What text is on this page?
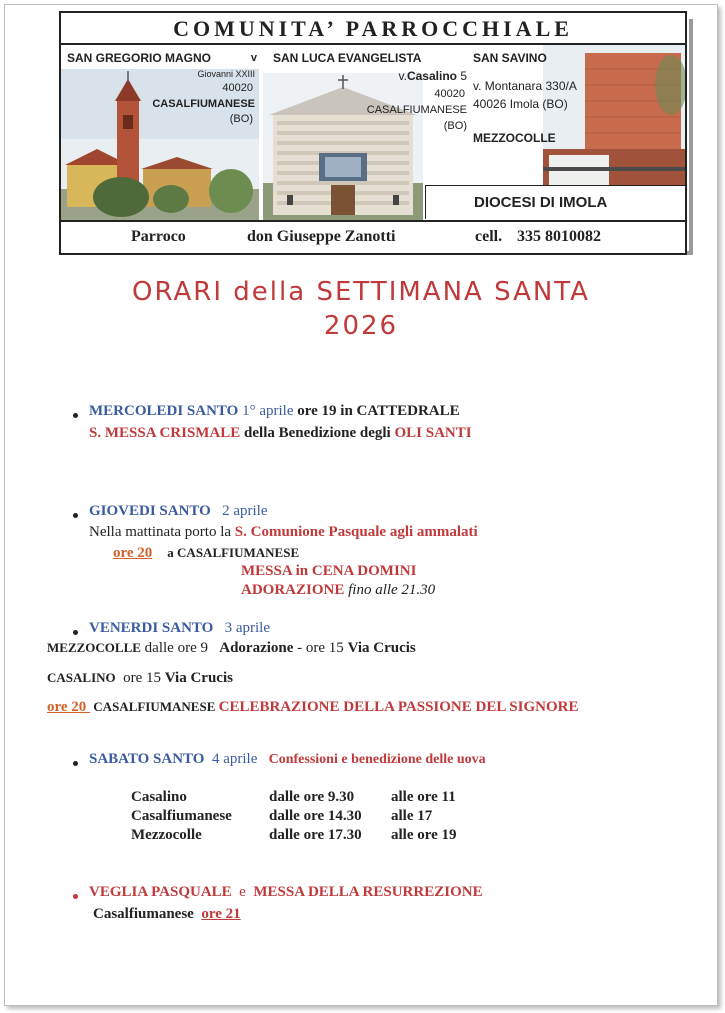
COMUNITA’ PARROCCHIALE
SAN GREGORIO MAGNO	v
Giovanni XXIII
40020
CASALFIUMANESE
(BO)
SAN LUCA EVANGELISTA
v.Casalino 5
40020
CASALFIUMANESE
(BO)
SAN SAVINO
v. Montanara 330/A
40026 Imola (BO)
MEZZOCOLLE
DIOCESI DI IMOLA
Parroco	don Giuseppe Zanotti	cell. 335 8010082
ORARI della SETTIMANA SANTA
2026
MERCOLEDI SANTO 1° aprile ore 19 in CATTEDRALE
S. MESSA CRISMALE della Benedizione degli OLI SANTI
GIOVEDI SANTO 2 aprile
Nella mattinata porto la S. Comunione Pasquale agli ammalati
ore 20 a CASALFIUMANESE
MESSA in CENA DOMINI
ADORAZIONE fino alle 21.30
VENERDI SANTO 3 aprile
MEZZOCOLLE dalle ore 9   Adorazione - ore 15 Via Crucis
CASALINO  ore 15 Via Crucis
ore 20  CASALFIUMANESE CELEBRAZIONE DELLA PASSIONE DEL SIGNORE
SABATO SANTO 4 aprile Confessioni e benedizione delle uova
Casalino	dalle ore 9.30 alle ore 11
Casalfiumanese dalle ore 14.30 alle 17
Mezzocolle	dalle ore 17.30 alle ore 19
VEGLIA PASQUALE  e  MESSA DELLA RESURREZIONE
Casalfiumanese ore 21
